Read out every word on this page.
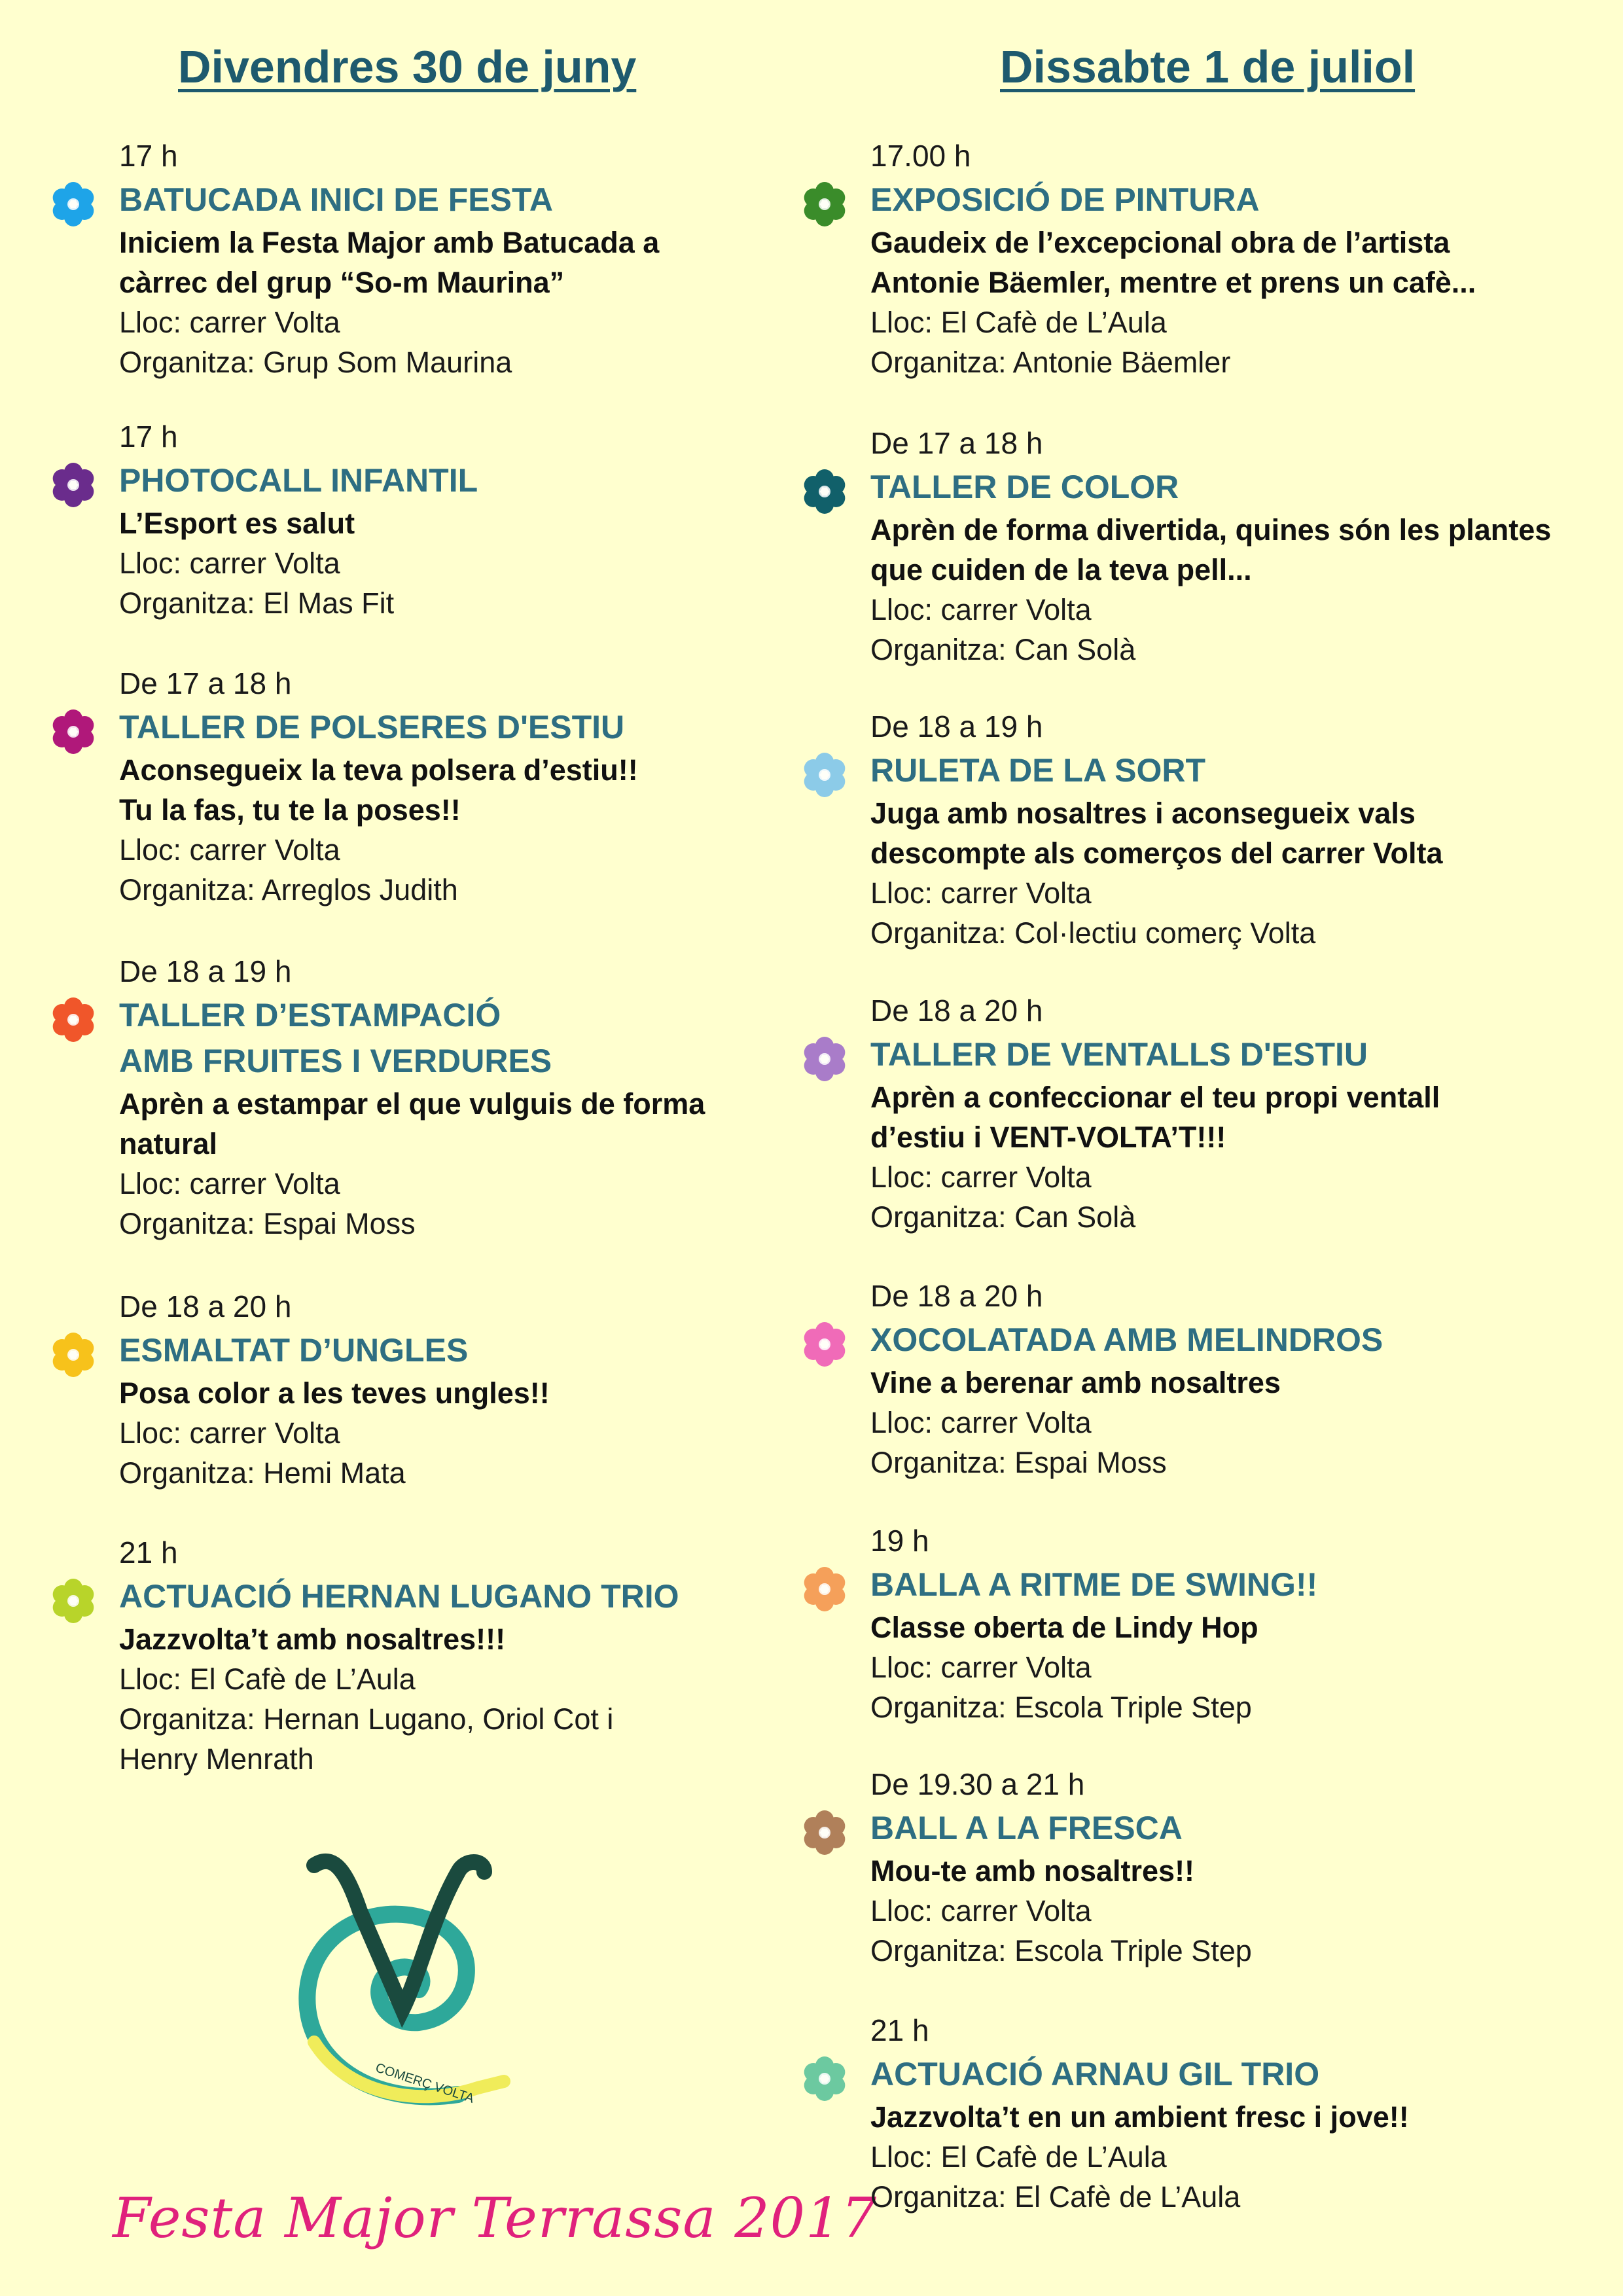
Divendres 30 de juny
17 h
BATUCADA INICI DE FESTA
Iniciem la Festa Major amb Batucada a
càrrec del grup “So-m Maurina”
Lloc: carrer Volta
Organitza: Grup Som Maurina
17 h
PHOTOCALL INFANTIL
L’Esport es salut
Lloc: carrer Volta
Organitza: El Mas Fit
De 17 a 18 h
TALLER DE POLSERES D'ESTIU
Aconsegueix la teva polsera d’estiu!!
Tu la fas, tu te la poses!!
Lloc: carrer Volta
Organitza: Arreglos Judith
De 18 a 19 h
TALLER D’ESTAMPACIÓ
AMB FRUITES I VERDURES
Aprèn a estampar el que vulguis de forma
natural
Lloc: carrer Volta
Organitza: Espai Moss
De 18 a 20 h
ESMALTAT D’UNGLES
Posa color a les teves ungles!!
Lloc: carrer Volta
Organitza: Hemi Mata
21 h
ACTUACIÓ HERNAN LUGANO TRIO
Jazzvolta’t amb nosaltres!!!
Lloc: El Cafè de L’Aula
Organitza: Hernan Lugano, Oriol Cot i
Henry Menrath
COMERÇ VOLTA
Festa Major Terrassa 2017
Dissabte 1 de juliol
17.00 h
EXPOSICIÓ DE PINTURA
Gaudeix de l’excepcional obra de l’artista
Antonie Bäemler, mentre et prens un cafè...
Lloc: El Cafè de L’Aula
Organitza: Antonie Bäemler
De 17 a 18 h
TALLER DE COLOR
Aprèn de forma divertida, quines són les plantes
que cuiden de la teva pell...
Lloc: carrer Volta
Organitza: Can Solà
De 18 a 19 h
RULETA DE LA SORT
Juga amb nosaltres i aconsegueix vals
descompte als comerços del carrer Volta
Lloc: carrer Volta
Organitza: Col·lectiu comerç Volta
De 18 a 20 h
TALLER DE VENTALLS D'ESTIU
Aprèn a confeccionar el teu propi ventall
d’estiu i VENT-VOLTA’T!!!
Lloc: carrer Volta
Organitza: Can Solà
De 18 a 20 h
XOCOLATADA AMB MELINDROS
Vine a berenar amb nosaltres
Lloc: carrer Volta
Organitza: Espai Moss
19 h
BALLA A RITME DE SWING!!
Classe oberta de Lindy Hop
Lloc: carrer Volta
Organitza: Escola Triple Step
De 19.30 a 21 h
BALL A LA FRESCA
Mou-te amb nosaltres!!
Lloc: carrer Volta
Organitza: Escola Triple Step
21 h
ACTUACIÓ ARNAU GIL TRIO
Jazzvolta’t en un ambient fresc i jove!!
Lloc: El Cafè de L’Aula
Organitza: El Cafè de L’Aula
